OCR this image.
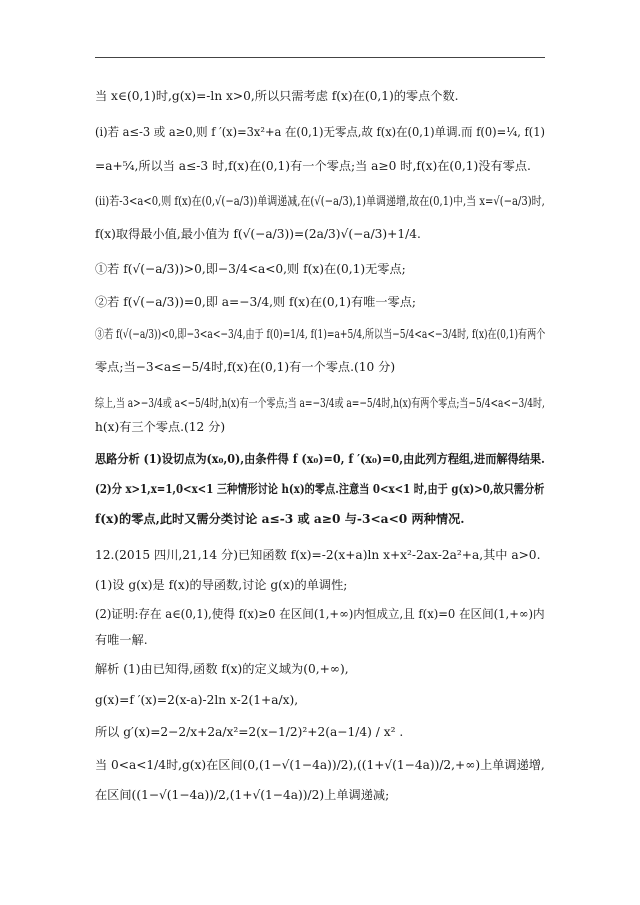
当 x∈(0,1)时,g(x)=-ln x>0,所以只需考虑 f(x)在(0,1)的零点个数.
(i)若 a≤-3 或 a≥0,则 f ′(x)=3x²+a 在(0,1)无零点,故 f(x)在(0,1)单调.而 f(0)=¹⁄₄, f(1)
=a+⁵⁄₄,所以当 a≤-3 时,f(x)在(0,1)有一个零点;当 a≥0 时,f(x)在(0,1)没有零点.
(ii)若-3<a<0,则 f(x)在(0,√(−a/3))单调递减,在(√(−a/3),1)单调递增,故在(0,1)中,当 x=√(−a/3)时,
f(x)取得最小值,最小值为 f(√(−a/3))=(2a/3)√(−a/3)+1/4.
①若 f(√(−a/3))>0,即−3/4<a<0,则 f(x)在(0,1)无零点;
②若 f(√(−a/3))=0,即 a=−3/4,则 f(x)在(0,1)有唯一零点;
③若 f(√(−a/3))<0,即−3<a<−3/4,由于 f(0)=1/4, f(1)=a+5/4,所以当−5/4<a<−3/4时, f(x)在(0,1)有两个
零点;当−3<a≤−5/4时,f(x)在(0,1)有一个零点.(10 分)
综上,当 a>−3/4或 a<−5/4时,h(x)有一个零点;当 a=−3/4或 a=−5/4时,h(x)有两个零点;当−5/4<a<−3/4时,
h(x)有三个零点.(12 分)
思路分析 (1)设切点为(x₀,0),由条件得 f (x₀)=0, f ′(x₀)=0,由此列方程组,进而解得结果.
(2)分 x>1,x=1,0<x<1 三种情形讨论 h(x)的零点.注意当 0<x<1 时,由于 g(x)>0,故只需分析
f(x)的零点,此时又需分类讨论 a≤-3 或 a≥0 与-3<a<0 两种情况.
12.(2015 四川,21,14 分)已知函数 f(x)=-2(x+a)ln x+x²-2ax-2a²+a,其中 a>0.
(1)设 g(x)是 f(x)的导函数,讨论 g(x)的单调性;
(2)证明:存在 a∈(0,1),使得 f(x)≥0 在区间(1,+∞)内恒成立,且 f(x)=0 在区间(1,+∞)内
有唯一解.
解析 (1)由已知得,函数 f(x)的定义域为(0,+∞),
g(x)=f ′(x)=2(x-a)-2ln x-2(1+a/x),
所以 g′(x)=2−2/x+2a/x²=2(x−1/2)²+2(a−1/4) / x² .
当 0<a<1/4时,g(x)在区间(0,(1−√(1−4a))/2),((1+√(1−4a))/2,+∞)上单调递增,
在区间((1−√(1−4a))/2,(1+√(1−4a))/2)上单调递减;
